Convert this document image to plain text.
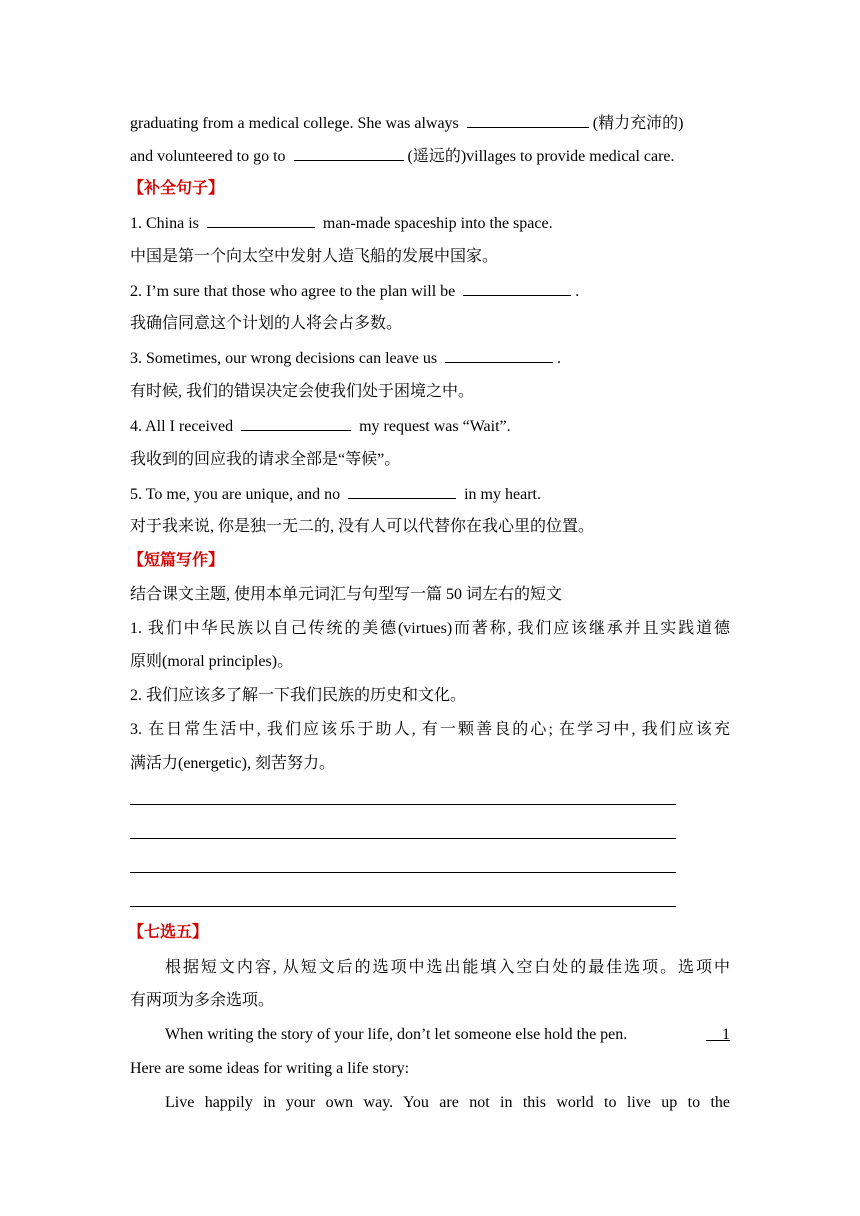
graduating from a medical college. She was always	(精力充沛的)
and volunteered to go to	(遥远的)villages to provide medical care.
【补全句子】
1. China is	man-made spaceship into the space.
中国是第一个向太空中发射人造飞船的发展中国家。
2. I’m sure that those who agree to the plan will be	.
我确信同意这个计划的人将会占多数。
3. Sometimes, our wrong decisions can leave us	.
有时候, 我们的错误决定会使我们处于困境之中。
4. All I received	my request was “Wait”.
我收到的回应我的请求全部是“等候”。
5. To me, you are unique, and no	in my heart.
对于我来说, 你是独一无二的, 没有人可以代替你在我心里的位置。
【短篇写作】
结合课文主题, 使用本单元词汇与句型写一篇 50 词左右的短文
1. 我们中华民族以自己传统的美德(virtues)而著称, 我们应该继承并且实践道德
原则(moral principles)。
2. 我们应该多了解一下我们民族的历史和文化。
3. 在日常生活中, 我们应该乐于助人, 有一颗善良的心; 在学习中, 我们应该充
满活力(energetic), 刻苦努力。
【七选五】
根据短文内容, 从短文后的选项中选出能填入空白处的最佳选项。选项中
有两项为多余选项。
When writing the story of your life, don’t let someone else hold the pen.	1
Here are some ideas for writing a life story:
Live happily in your own way. You are not in this world to live up to the
